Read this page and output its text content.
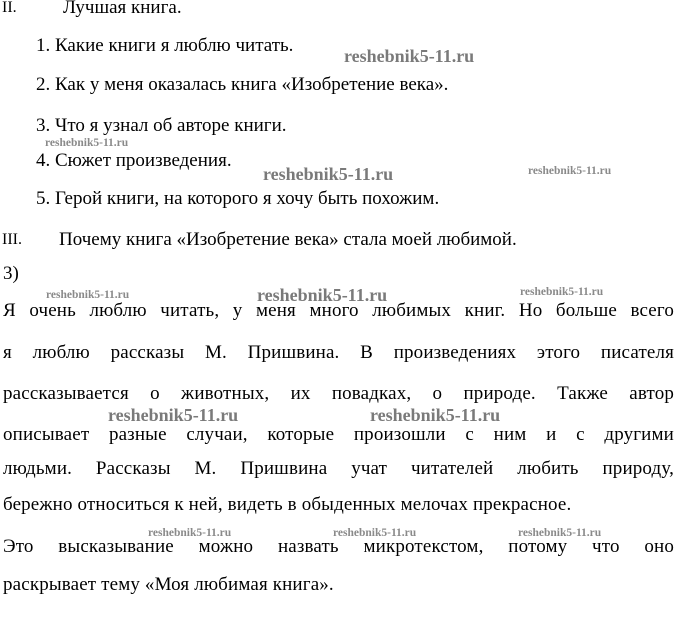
II. Лучшая книга.
1. Какие книги я люблю читать.
2. Как у меня оказалась книга «Изобретение века».
3. Что я узнал об авторе книги.
4. Сюжет произведения.
5. Герой книги, на которого я хочу быть похожим.
III. Почему книга «Изобретение века» стала моей любимой.
3)
Я очень люблю читать, у меня много любимых книг. Но больше всего
я люблю рассказы М. Пришвина. В произведениях этого писателя
рассказывается о животных, их повадках, о природе. Также автор
описывает разные случаи, которые произошли с ним и с другими
людьми. Рассказы М. Пришвина учат читателей любить природу,
бережно относиться к ней, видеть в обыденных мелочах прекрасное.
Это высказывание можно назвать микротекстом, потому что оно
раскрывает тему «Моя любимая книга».
reshebnik5-11.ru
reshebnik5-11.ru
reshebnik5-11.ru	reshebnik5-11.ru
reshebnik5-11.ru	reshebnik5-11.ru	reshebnik5-11.ru
reshebnik5-11.ru	reshebnik5-11.ru
reshebnik5-11.ru	reshebnik5-11.ru	reshebnik5-11.ru
